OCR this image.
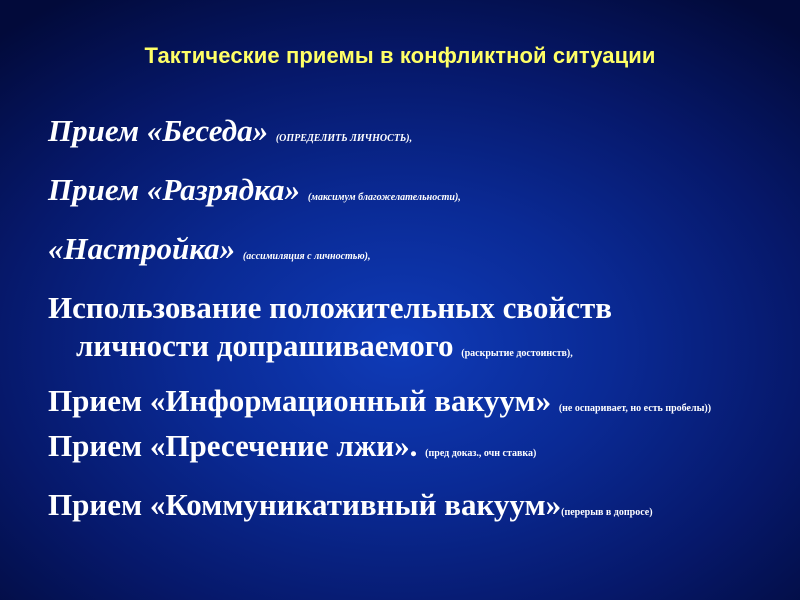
Тактические приемы в конфликтной ситуации
Прием «Беседа» (ОПРЕДЕЛИТЬ ЛИЧНОСТЬ),
Прием «Разрядка» (максимум благожелательности),
«Настройка» (ассимиляция с личностью),
Использование положительных свойств
личности допрашиваемого (раскрытие достоинств),
Прием «Информационный вакуум» (не оспаривает, но есть пробелы))
Прием «Пресечение лжи». (пред доказ., очн ставка)
Прием «Коммуникативный вакуум»(перерыв в допросе)
